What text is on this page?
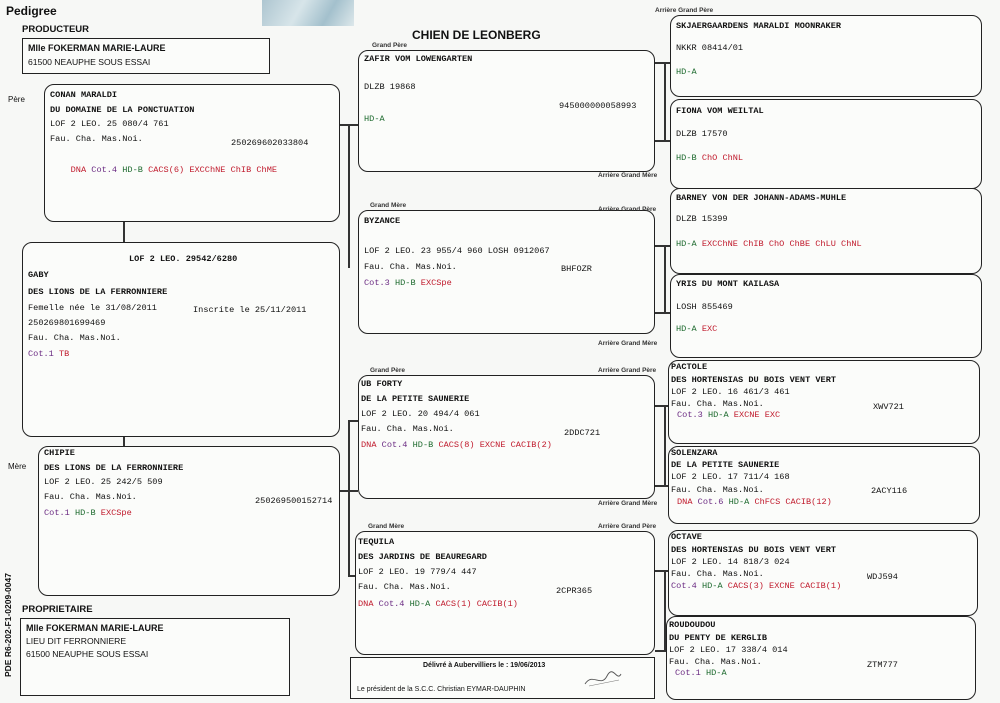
Pedigree
PRODUCTEUR	CHIEN DE LEONBERG
Mlle FOKERMAN MARIE-LAURE
61500 NEAUPHE SOUS ESSAI
Père
Mère
CONAN MARALDI
DU DOMAINE DE LA PONCTUATION
LOF 2 LEO. 25 080/4 761
Fau. Cha. Mas.Noi.	250269602033804

DNA Cot.4 HD-B CACS(6) EXCChNE ChIB ChME

LOF 2 LEO. 29542/6280
GABY
DES LIONS DE LA FERRONNIERE
Femelle née le 31/08/2011	Inscrite le 25/11/2011
250269801699469
Fau. Cha. Mas.Noi.
Cot.1 TB
CHIPIE
DES LIONS DE LA FERRONNIERE
LOF 2 LEO. 25 242/5 509
Fau. Cha. Mas.Noi.	250269500152714
Cot.1 HD-B EXCSpe
PROPRIETAIRE
Mlle FOKERMAN MARIE-LAURE
LIEU DIT FERRONNIERE
61500 NEAUPHE SOUS ESSAI
PDE R6-202-F1-0209-0047
Grand Père
ZAFIR VOM LOWENGARTEN
DLZB 19868
945000000058993
HD-A
Grand Mère
BYZANCE
LOF 2 LEO. 23 955/4 960 LOSH 0912067
Fau. Cha. Mas.Noi.	BHFOZR
Cot.3 HD-B EXCSpe
Grand Père
UB FORTY
DE LA PETITE SAUNERIE
LOF 2 LEO. 20 494/4 061
Fau. Cha. Mas.Noi.	2DDC721
DNA Cot.4 HD-B CACS(8) EXCNE CACIB(2)
Grand Mère
TEQUILA
DES JARDINS DE BEAUREGARD
LOF 2 LEO. 19 779/4 447
Fau. Cha. Mas.Noi.	2CPR365
DNA Cot.4 HD-A CACS(1) CACIB(1)
Arrière Grand Mère
Arrière Grand Père
Arrière Grand Mère
Arrière Grand Père
Arrière Grand Mère
Arrière Grand Père
Arrière Grand Père
SKJAERGAARDENS MARALDI MOONRAKER
NKKR 08414/01
HD-A
FIONA VOM WEILTAL
DLZB 17570
HD-B ChO ChNL
BARNEY VON DER JOHANN-ADAMS-MUHLE
DLZB 15399
HD-A EXCChNE ChIB ChO ChBE ChLU ChNL
YRIS DU MONT KAILASA
LOSH 855469
HD-A EXC
PACTOLE
DES HORTENSIAS DU BOIS VENT VERT
LOF 2 LEO. 16 461/3 461
Fau. Cha. Mas.Noi.	XWV721
Cot.3 HD-A EXCNE EXC
SOLENZARA
DE LA PETITE SAUNERIE
LOF 2 LEO. 17 711/4 168
Fau. Cha. Mas.Noi.	2ACY116
DNA Cot.6 HD-A ChFCS CACIB(12)
OCTAVE
DES HORTENSIAS DU BOIS VENT VERT
LOF 2 LEO. 14 818/3 024
Fau. Cha. Mas.Noi.	WDJ594
Cot.4 HD-A CACS(3) EXCNE CACIB(1)
ROUDOUDOU
DU PENTY DE KERGLIB
LOF 2 LEO. 17 338/4 014
Fau. Cha. Mas.Noi.	ZTM777
Cot.1 HD-A
Délivré à Aubervilliers le : 19/06/2013
Le président de la S.C.C. Christian EYMAR-DAUPHIN
